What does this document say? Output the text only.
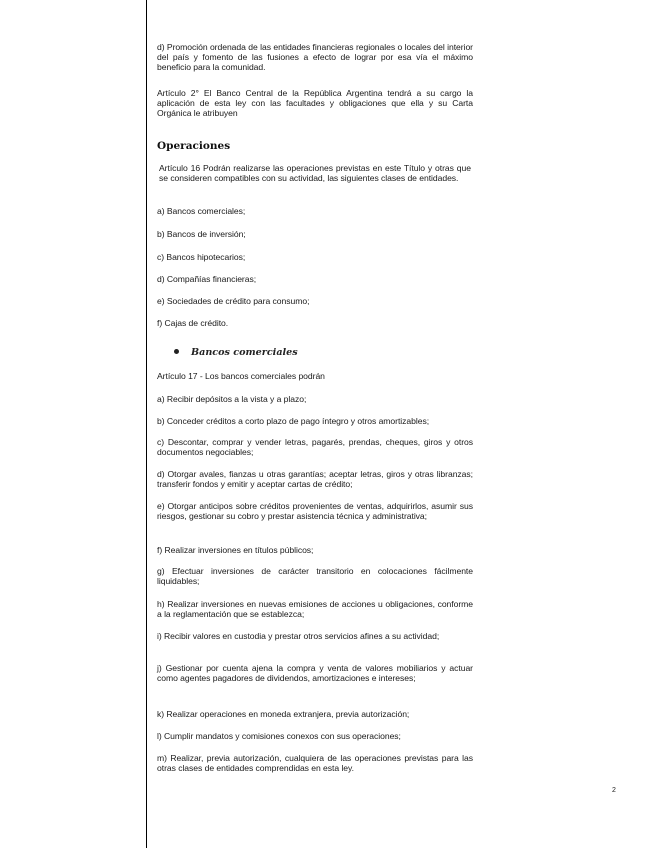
d) Promoción ordenada de las entidades financieras regionales o locales del interior del país y fomento de las fusiones a efecto de lograr por esa vía el máximo beneficio para la comunidad.
Artículo 2° El Banco Central de la República Argentina tendrá a su cargo la aplicación de esta ley con las facultades y obligaciones que ella y su Carta Orgánica le atribuyen
Operaciones
Artículo 16 Podrán realizarse las operaciones previstas en este Título y otras que se consideren compatibles con su actividad, las siguientes clases de entidades.
a) Bancos comerciales;
b) Bancos de inversión;
c) Bancos hipotecarios;
d) Compañías financieras;
e) Sociedades de crédito para consumo;
f) Cajas de crédito.
Bancos comerciales
Artículo 17 - Los bancos comerciales podrán
a) Recibir depósitos a la vista y a plazo;
b) Conceder créditos a corto plazo de pago íntegro y otros amortizables;
c) Descontar, comprar y vender letras, pagarés, prendas, cheques, giros y otros documentos negociables;
d) Otorgar avales, fianzas u otras garantías; aceptar letras, giros y otras libranzas; transferir fondos y emitir y aceptar cartas de crédito;
e) Otorgar anticipos sobre créditos provenientes de ventas, adquirirlos, asumir sus riesgos, gestionar su cobro y prestar asistencia técnica y administrativa;
f) Realizar inversiones en títulos públicos;
g) Efectuar inversiones de carácter transitorio en colocaciones fácilmente liquidables;
h) Realizar inversiones en nuevas emisiones de acciones u obligaciones, conforme a la reglamentación que se establezca;
i) Recibir valores en custodia y prestar otros servicios afines a su actividad;
j) Gestionar por cuenta ajena la compra y venta de valores mobiliarios y actuar como agentes pagadores de dividendos, amortizaciones e intereses;
k) Realizar operaciones en moneda extranjera, previa autorización;
l) Cumplir mandatos y comisiones conexos con sus operaciones;
m) Realizar, previa autorización, cualquiera de las operaciones previstas para las otras clases de entidades comprendidas en esta ley.
2
